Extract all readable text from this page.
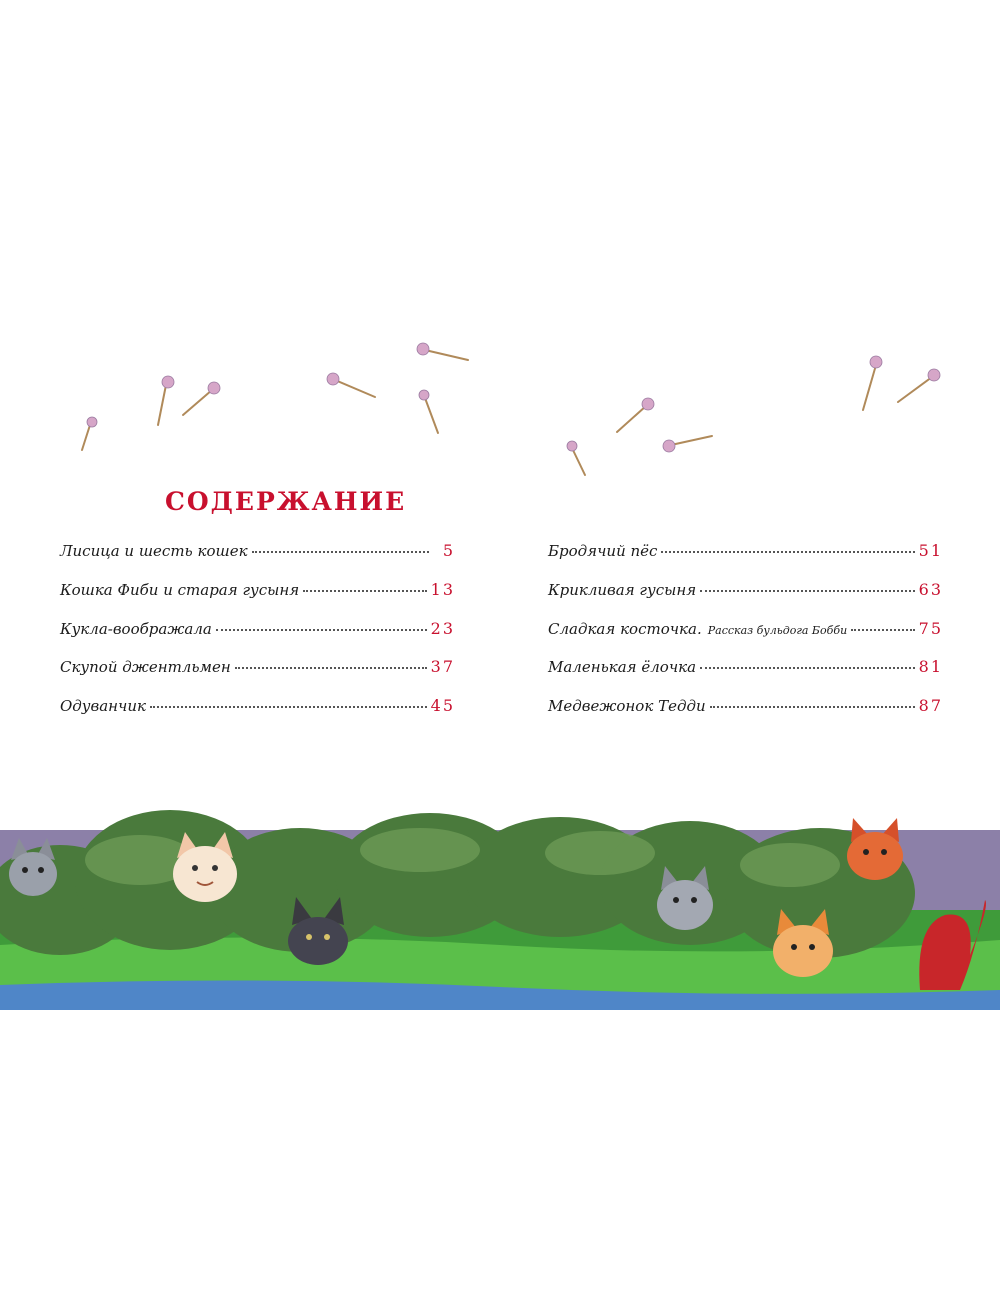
СОДЕРЖАНИЕ
Лисица и шесть кошек	5
Кошка Фиби и старая гусыня	13
Кукла-воображала	23
Скупой джентльмен	37
Одуванчик	45
Бродячий пёс	51
Крикливая гусыня	63
Сладкая косточка. Рассказ бульдога Бобби	75
Маленькая ёлочка	81
Медвежонок Тедди	87
